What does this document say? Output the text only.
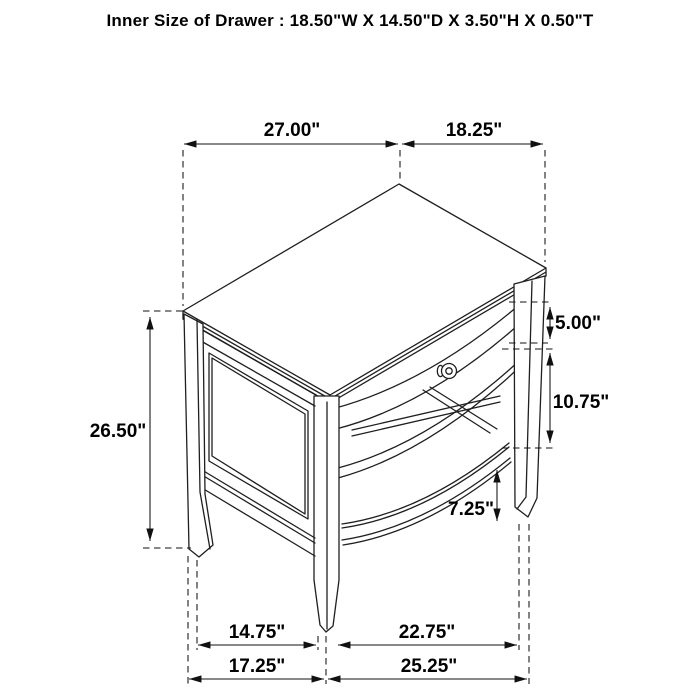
Inner Size of Drawer : 18.50"W X 14.50"D X 3.50"H X 0.50"T
27.00"	18.25"
26.50"
5.00"
10.75"
7.25"
14.75"	22.75"
17.25"	25.25"
